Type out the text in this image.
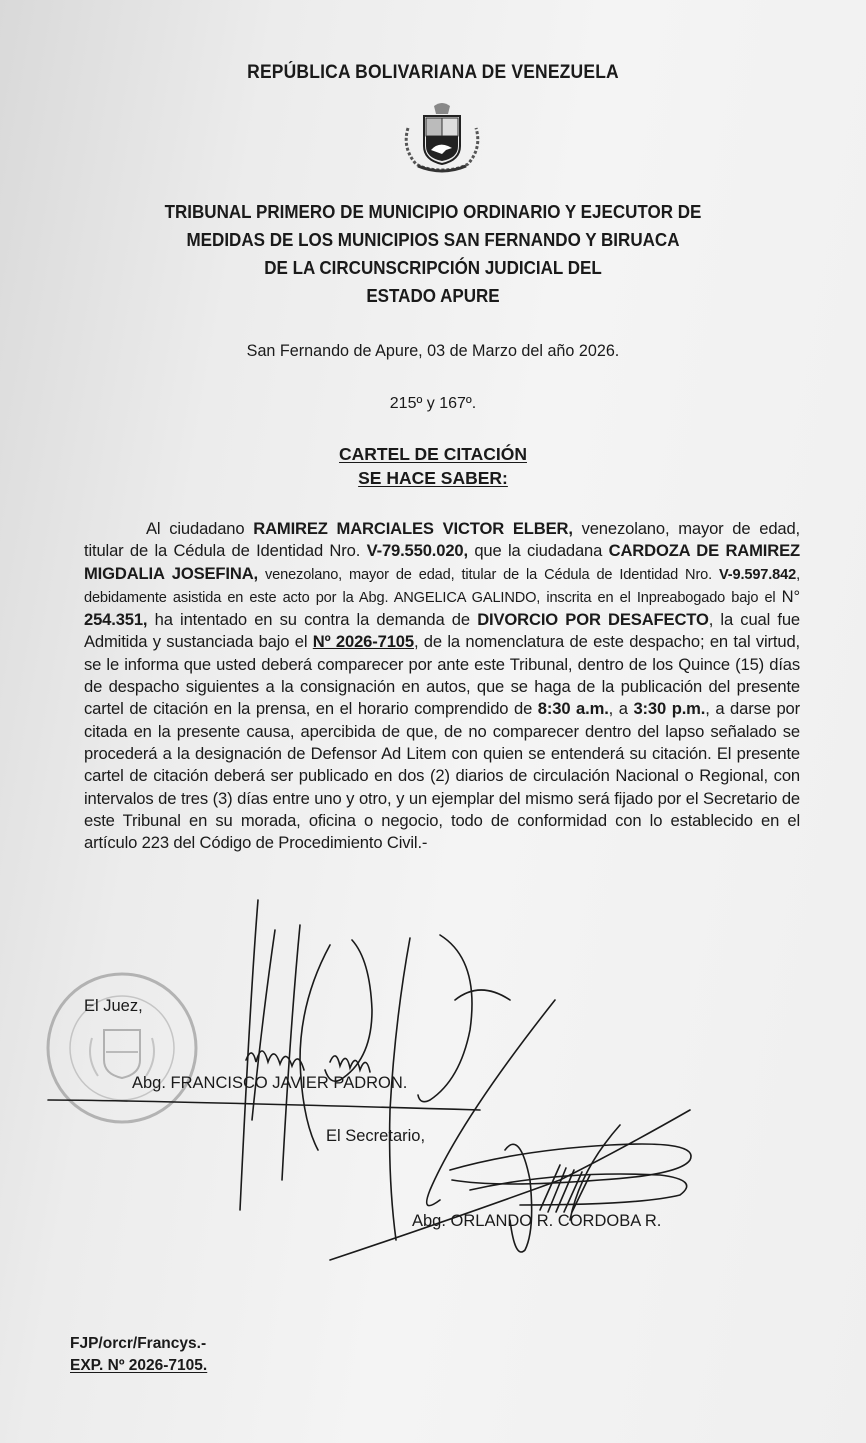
REPÚBLICA BOLIVARIANA DE VENEZUELA
TRIBUNAL PRIMERO DE MUNICIPIO ORDINARIO Y EJECUTOR DE
MEDIDAS DE LOS MUNICIPIOS SAN FERNANDO Y BIRUACA
DE LA CIRCUNSCRIPCIÓN JUDICIAL DEL
ESTADO APURE
San Fernando de Apure, 03 de Marzo del año 2026.
215º y 167º.
CARTEL DE CITACIÓN
SE HACE SABER:
Al ciudadano RAMIREZ MARCIALES VICTOR ELBER, venezolano, mayor de edad, titular de la Cédula de Identidad Nro. V-79.550.020, que la ciudadana CARDOZA DE RAMIREZ MIGDALIA JOSEFINA, venezolano, mayor de edad, titular de la Cédula de Identidad Nro. V-9.597.842, debidamente asistida en este acto por la Abg. ANGELICA GALINDO, inscrita en el Inpreabogado bajo el N° 254.351, ha intentado en su contra la demanda de DIVORCIO POR DESAFECTO, la cual fue Admitida y sustanciada bajo el Nº 2026-7105, de la nomenclatura de este despacho; en tal virtud, se le informa que usted deberá comparecer por ante este Tribunal, dentro de los Quince (15) días de despacho siguientes a la consignación en autos, que se haga de la publicación del presente cartel de citación en la prensa, en el horario comprendido de 8:30 a.m., a 3:30 p.m., a darse por citada en la presente causa, apercibida de que, de no comparecer dentro del lapso señalado se procederá a la designación de Defensor Ad Litem con quien se entenderá su citación. El presente cartel de citación deberá ser publicado en dos (2) diarios de circulación Nacional o Regional, con intervalos de tres (3) días entre uno y otro, y un ejemplar del mismo será fijado por el Secretario de este Tribunal en su morada, oficina o negocio, todo de conformidad con lo establecido en el artículo 223 del Código de Procedimiento Civil.-
El Juez,
Abg. FRANCISCO JAVIER PADRON.
El Secretario,
Abg. ORLANDO R. CORDOBA R.
FJP/orcr/Francys.-
EXP. Nº 2026-7105.
